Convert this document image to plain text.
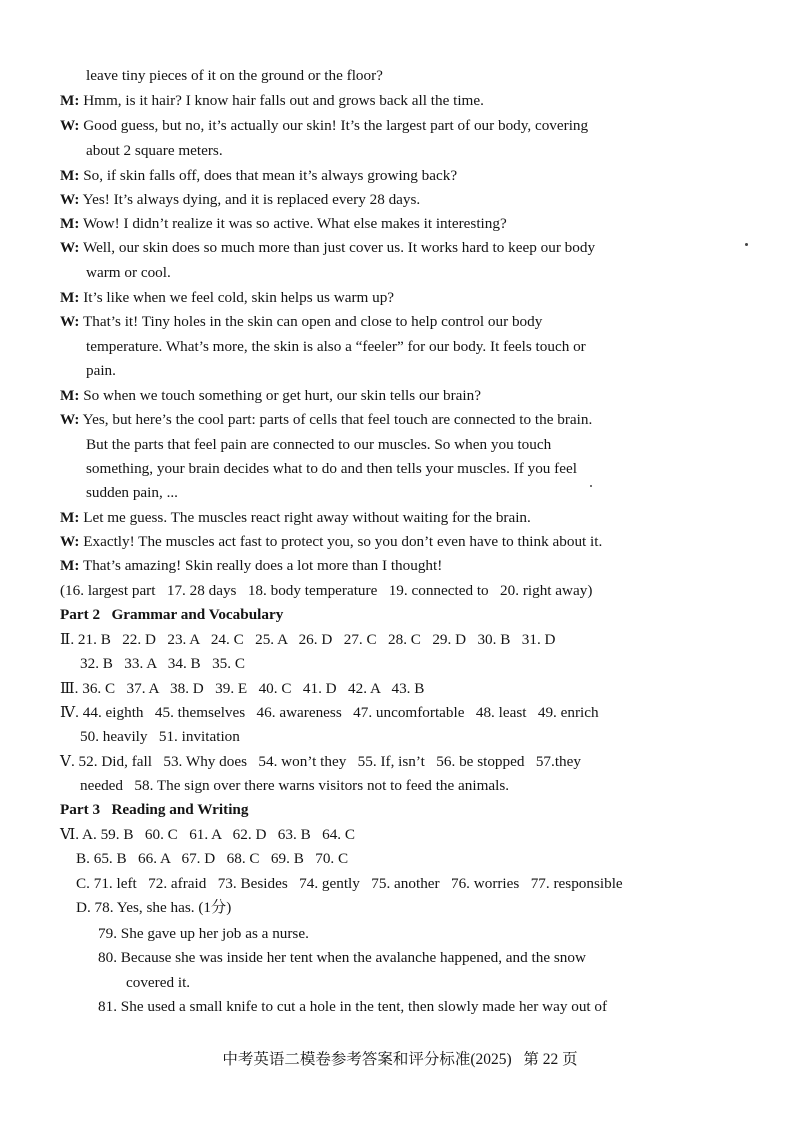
leave tiny pieces of it on the ground or the floor?
M: Hmm, is it hair? I know hair falls out and grows back all the time.
W: Good guess, but no, it’s actually our skin! It’s the largest part of our body, covering
about 2 square meters.
M: So, if skin falls off, does that mean it’s always growing back?
W: Yes! It’s always dying, and it is replaced every 28 days.
M: Wow! I didn’t realize it was so active. What else makes it interesting?
W: Well, our skin does so much more than just cover us. It works hard to keep our body
warm or cool.
M: It’s like when we feel cold, skin helps us warm up?
W: That’s it! Tiny holes in the skin can open and close to help control our body
temperature. What’s more, the skin is also a “feeler” for our body. It feels touch or
pain.
M: So when we touch something or get hurt, our skin tells our brain?
W: Yes, but here’s the cool part: parts of cells that feel touch are connected to the brain.
But the parts that feel pain are connected to our muscles. So when you touch
something, your brain decides what to do and then tells your muscles. If you feel
sudden pain, ...
M: Let me guess. The muscles react right away without waiting for the brain.
W: Exactly! The muscles act fast to protect you, so you don’t even have to think about it.
M: That’s amazing! Skin really does a lot more than I thought!
(16. largest part   17. 28 days   18. body temperature   19. connected to   20. right away)
Part 2   Grammar and Vocabulary
Ⅱ. 21. B   22. D   23. A   24. C   25. A   26. D   27. C   28. C   29. D   30. B   31. D
32. B   33. A   34. B   35. C
Ⅲ. 36. C   37. A   38. D   39. E   40. C   41. D   42. A   43. B
Ⅳ. 44. eighth   45. themselves   46. awareness   47. uncomfortable   48. least   49. enrich
50. heavily   51. invitation
Ⅴ. 52. Did, fall   53. Why does   54. won’t they   55. If, isn’t   56. be stopped   57.they
needed   58. The sign over there warns visitors not to feed the animals.
Part 3   Reading and Writing
Ⅵ. A. 59. B   60. C   61. A   62. D   63. B   64. C
B. 65. B   66. A   67. D   68. C   69. B   70. C
C. 71. left   72. afraid   73. Besides   74. gently   75. another   76. worries   77. responsible
D. 78. Yes, she has. (1分)
79. She gave up her job as a nurse.
80. Because she was inside her tent when the avalanche happened, and the snow
covered it.
81. She used a small knife to cut a hole in the tent, then slowly made her way out of
中考英语二模卷参考答案和评分标准(2025)   第 22 页
